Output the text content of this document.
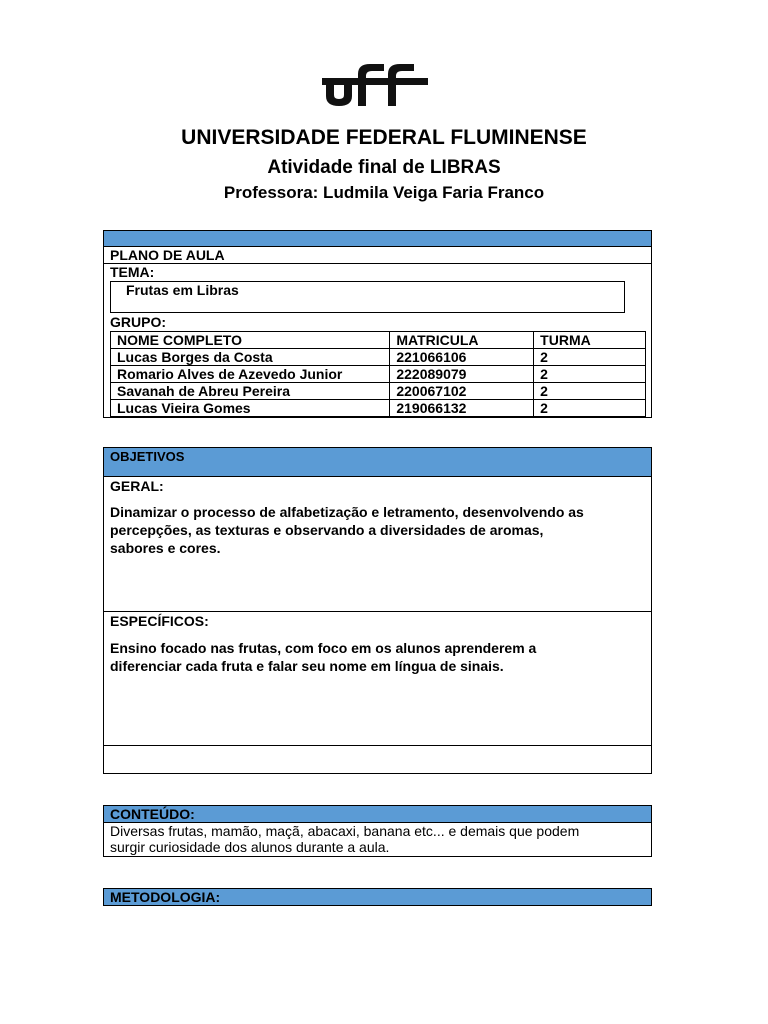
UNIVERSIDADE FEDERAL FLUMINENSE
Atividade final de LIBRAS
Professora: Ludmila Veiga Faria Franco
PLANO DE AULA
TEMA:
Frutas em Libras
GRUPO:
NOME COMPLETO	MATRICULA	TURMA
Lucas Borges da Costa	221066106	2
Romario Alves de Azevedo Junior	222089079	2
Savanah de Abreu Pereira	220067102	2
Lucas Vieira Gomes	219066132	2
OBJETIVOS
GERAL:
Dinamizar o processo de alfabetização e letramento, desenvolvendo as
percepções, as texturas e observando a diversidades de aromas,
sabores e cores.
ESPECÍFICOS:
Ensino focado nas frutas, com foco em os alunos aprenderem a
diferenciar cada fruta e falar seu nome em língua de sinais.
CONTEÚDO:
Diversas frutas, mamão, maçã, abacaxi, banana etc... e demais que podem
surgir curiosidade dos alunos durante a aula.
METODOLOGIA:
